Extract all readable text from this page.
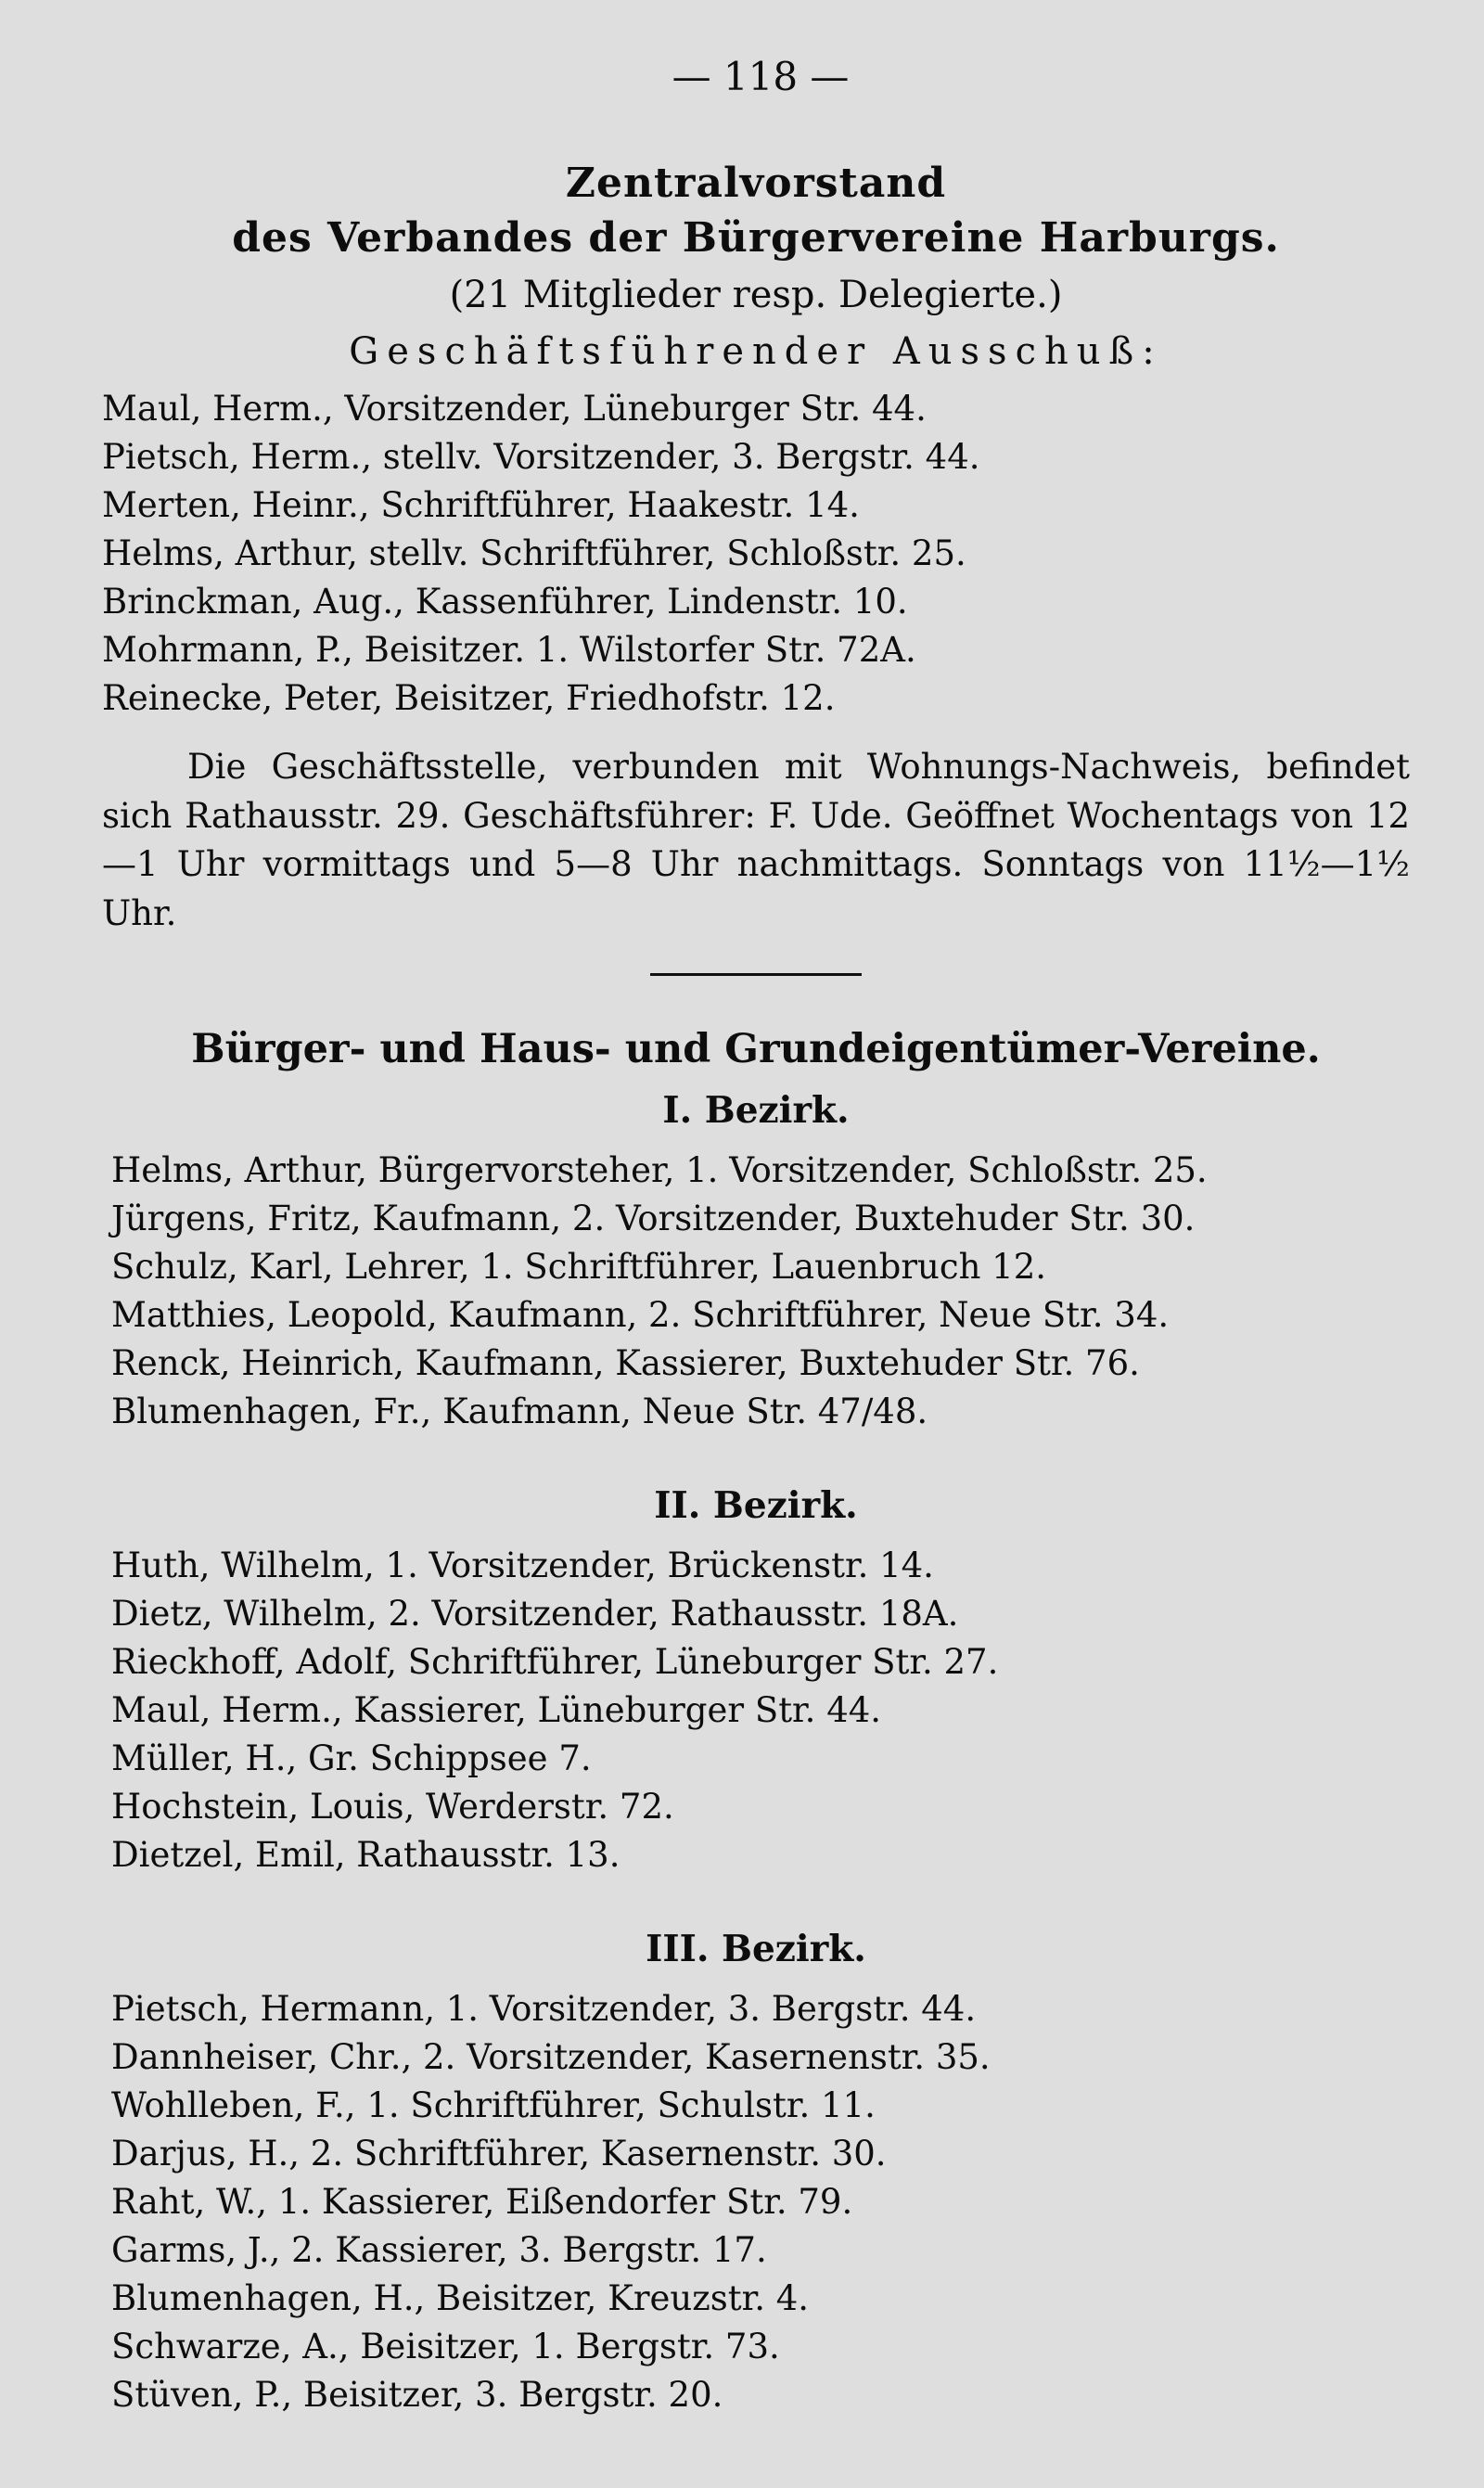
— 118 —

Zentralvorstand

des Verbandes der Bürgervereine Harburgs.

(21 Mitglieder resp. Delegierte.)

Geschäftsführender Ausschuß:

Maul, Herm., Vorsitzender, Lüneburger Str. 44.
Pietsch, Herm., stellv. Vorsitzender, 3. Bergstr. 44.
Merten, Heinr., Schriftführer, Haakestr. 14.
Helms, Arthur, stellv. Schriftführer, Schloßstr. 25.
Brinckman, Aug., Kassenführer, Lindenstr. 10.
Mohrmann, P., Beisitzer. 1. Wilstorfer Str. 72A.
Reinecke, Peter, Beisitzer, Friedhofstr. 12.

Die Geschäftsstelle, verbunden mit Wohnungs-Nachweis, befindet sich Rathausstr. 29. Geschäftsführer: F. Ude. Geöffnet Wochentags von 12—1 Uhr vormittags und 5—8 Uhr nachmittags. Sonntags von 11½—1½ Uhr.

Bürger- und Haus- und Grundeigentümer-Vereine.

I. Bezirk.

Helms, Arthur, Bürgervorsteher, 1. Vorsitzender, Schloßstr. 25.
Jürgens, Fritz, Kaufmann, 2. Vorsitzender, Buxtehuder Str. 30.
Schulz, Karl, Lehrer, 1. Schriftführer, Lauenbruch 12.
Matthies, Leopold, Kaufmann, 2. Schriftführer, Neue Str. 34.
Renck, Heinrich, Kaufmann, Kassierer, Buxtehuder Str. 76.
Blumenhagen, Fr., Kaufmann, Neue Str. 47/48.

II. Bezirk.

Huth, Wilhelm, 1. Vorsitzender, Brückenstr. 14.
Dietz, Wilhelm, 2. Vorsitzender, Rathausstr. 18A.
Rieckhoff, Adolf, Schriftführer, Lüneburger Str. 27.
Maul, Herm., Kassierer, Lüneburger Str. 44.
Müller, H., Gr. Schippsee 7.
Hochstein, Louis, Werderstr. 72.
Dietzel, Emil, Rathausstr. 13.

III. Bezirk.

Pietsch, Hermann, 1. Vorsitzender, 3. Bergstr. 44.
Dannheiser, Chr., 2. Vorsitzender, Kasernenstr. 35.
Wohlleben, F., 1. Schriftführer, Schulstr. 11.
Darjus, H., 2. Schriftführer, Kasernenstr. 30.
Raht, W., 1. Kassierer, Eißendorfer Str. 79.
Garms, J., 2. Kassierer, 3. Bergstr. 17.
Blumenhagen, H., Beisitzer, Kreuzstr. 4.
Schwarze, A., Beisitzer, 1. Bergstr. 73.
Stüven, P., Beisitzer, 3. Bergstr. 20.
